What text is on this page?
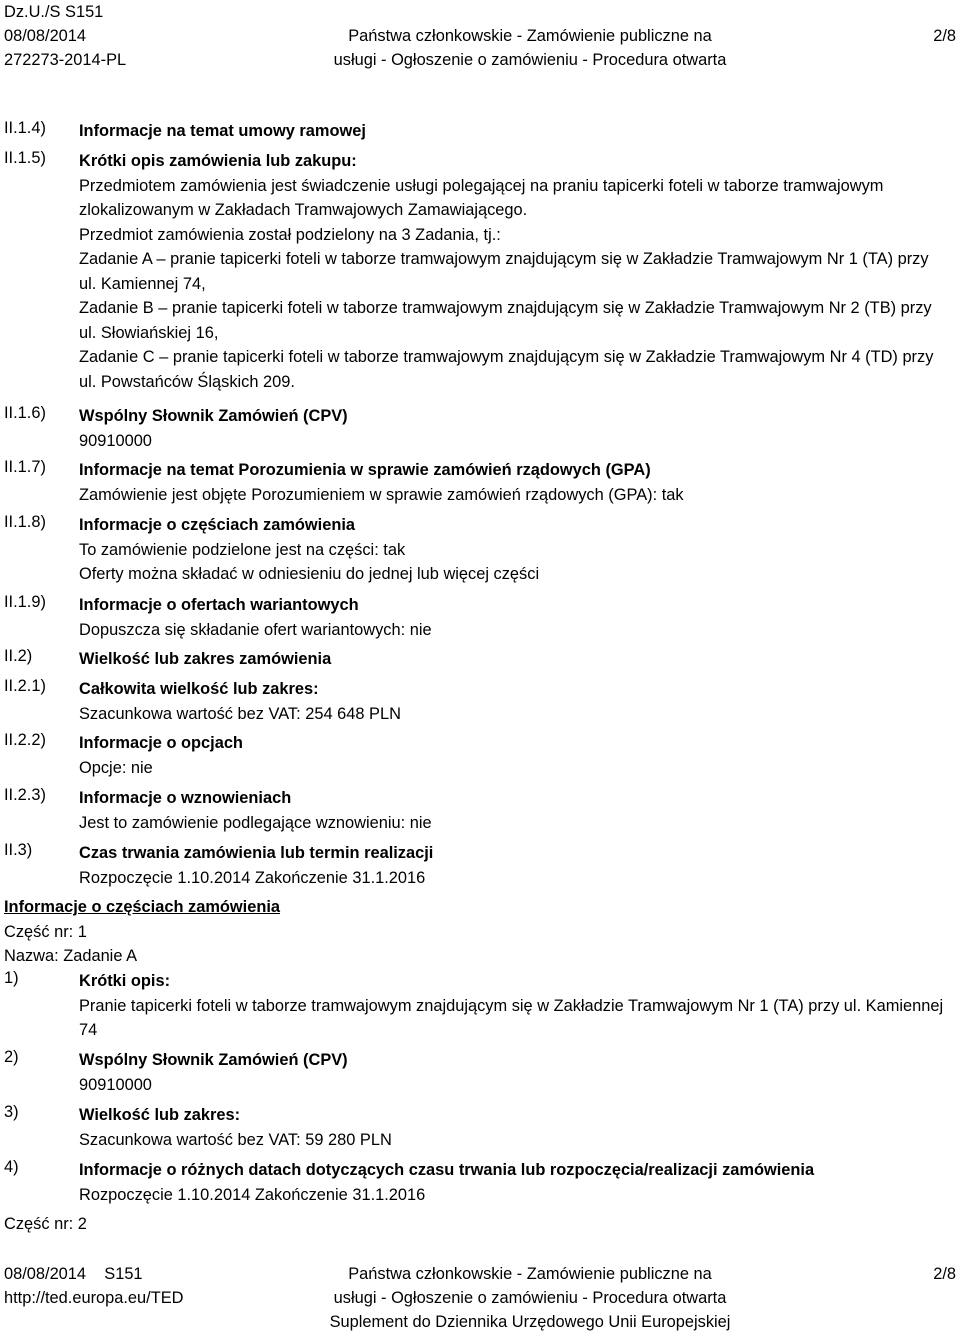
Dz.U./S S151
08/08/2014
272273-2014-PL
Państwa członkowskie - Zamówienie publiczne na
usługi - Ogłoszenie o zamówieniu - Procedura otwarta
2/8
II.1.4) Informacje na temat umowy ramowej
II.1.5) Krótki opis zamówienia lub zakupu:
Przedmiotem zamówienia jest świadczenie usługi polegającej na praniu tapicerki foteli w taborze tramwajowym zlokalizowanym w Zakładach Tramwajowych Zamawiającego.
Przedmiot zamówienia został podzielony na 3 Zadania, tj.:
Zadanie A – pranie tapicerki foteli w taborze tramwajowym znajdującym się w Zakładzie Tramwajowym Nr 1 (TA) przy ul. Kamiennej 74,
Zadanie B – pranie tapicerki foteli w taborze tramwajowym znajdującym się w Zakładzie Tramwajowym Nr 2 (TB) przy ul. Słowiańskiej 16,
Zadanie C – pranie tapicerki foteli w taborze tramwajowym znajdującym się w Zakładzie Tramwajowym Nr 4 (TD) przy ul. Powstańców Śląskich 209.
II.1.6) Wspólny Słownik Zamówień (CPV)
90910000
II.1.7) Informacje na temat Porozumienia w sprawie zamówień rządowych (GPA)
Zamówienie jest objęte Porozumieniem w sprawie zamówień rządowych (GPA): tak
II.1.8) Informacje o częściach zamówienia
To zamówienie podzielone jest na części: tak
Oferty można składać w odniesieniu do jednej lub więcej części
II.1.9) Informacje o ofertach wariantowych
Dopuszcza się składanie ofert wariantowych: nie
II.2)	Wielkość lub zakres zamówienia
II.2.1) Całkowita wielkość lub zakres:
Szacunkowa wartość bez VAT: 254 648 PLN
II.2.2) Informacje o opcjach
Opcje: nie
II.2.3) Informacje o wznowieniach
Jest to zamówienie podlegające wznowieniu: nie
II.3)	Czas trwania zamówienia lub termin realizacji
Rozpoczęcie 1.10.2014 Zakończenie 31.1.2016
Informacje o częściach zamówienia
Część nr: 1
Nazwa: Zadanie A
1)	Krótki opis:
Pranie tapicerki foteli w taborze tramwajowym znajdującym się w Zakładzie Tramwajowym Nr 1 (TA) przy ul. Kamiennej 74
2)	Wspólny Słownik Zamówień (CPV)
90910000
3)	Wielkość lub zakres:
Szacunkowa wartość bez VAT: 59 280 PLN
4)	Informacje o różnych datach dotyczących czasu trwania lub rozpoczęcia/realizacji zamówienia
Rozpoczęcie 1.10.2014 Zakończenie 31.1.2016
Część nr: 2
08/08/2014 S151
http://ted.europa.eu/TED
Państwa członkowskie - Zamówienie publiczne na
usługi - Ogłoszenie o zamówieniu - Procedura otwarta
Suplement do Dziennika Urzędowego Unii Europejskiej
2/8
